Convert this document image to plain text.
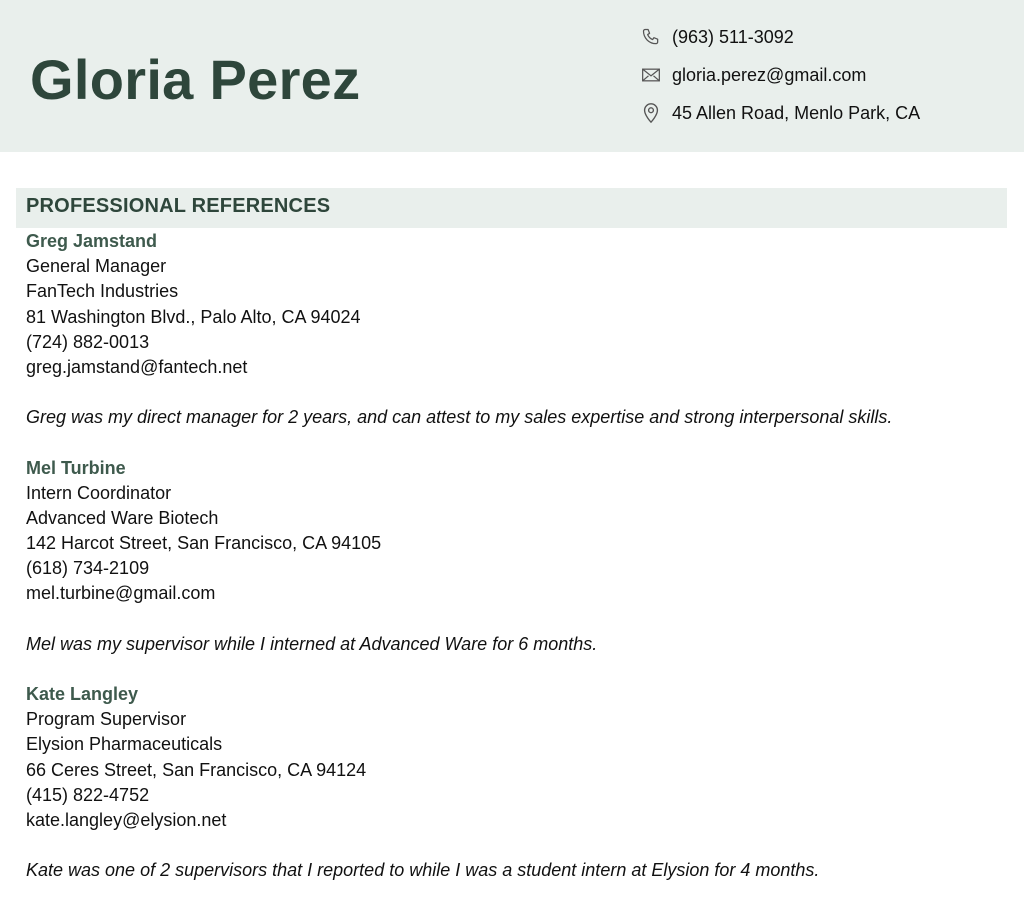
Gloria Perez
(963) 511-3092
gloria.perez@gmail.com
45 Allen Road, Menlo Park, CA
PROFESSIONAL REFERENCES
Greg Jamstand
General Manager
FanTech Industries
81 Washington Blvd., Palo Alto, CA 94024
(724) 882-0013
greg.jamstand@fantech.net
Greg was my direct manager for 2 years, and can attest to my sales expertise and strong interpersonal skills.
Mel Turbine
Intern Coordinator
Advanced Ware Biotech
142 Harcot Street, San Francisco, CA 94105
(618) 734-2109
mel.turbine@gmail.com
Mel was my supervisor while I interned at Advanced Ware for 6 months.
Kate Langley
Program Supervisor
Elysion Pharmaceuticals
66 Ceres Street, San Francisco, CA 94124
(415) 822-4752
kate.langley@elysion.net
Kate was one of 2 supervisors that I reported to while I was a student intern at Elysion for 4 months.
